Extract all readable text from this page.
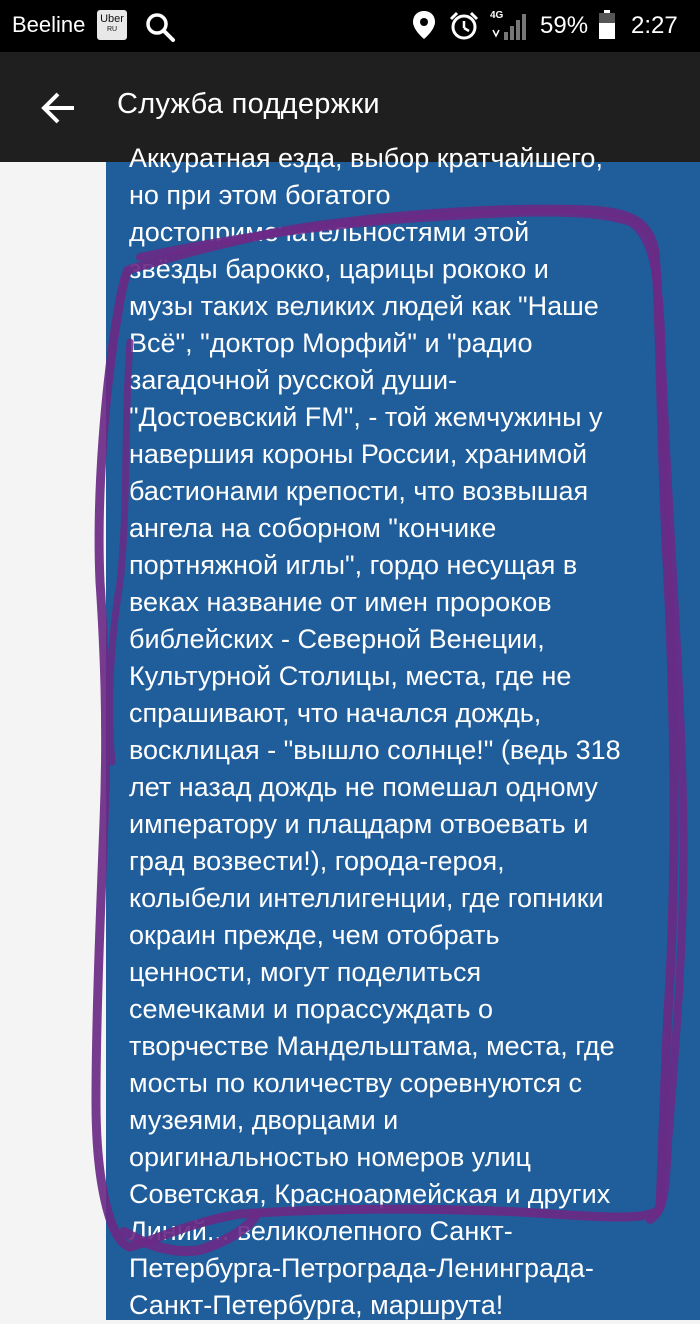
Beeline Uber
RU
4G 59% 2:27
Служба поддержки

Аккуратная езда, выбор кратчайшего,
но при этом богатого
достопримечательностями этой
звёзды барокко, царицы рококо и
музы таких великих людей как "Наше
Всё", "доктор Морфий" и "радио
загадочной русской души-
"Достоевский FM", - той жемчужины у
навершия короны России, хранимой
бастионами крепости, что возвышая
ангела на соборном "кончике
портняжной иглы", гордо несущая в
веках название от имен пророков
библейских - Северной Венеции,
Культурной Столицы, места, где не
спрашивают, что начался дождь,
восклицая - "вышло солнце!" (ведь 318
лет назад дождь не помешал одному
императору и плацдарм отвоевать и
град возвести!), города-героя,
колыбели интеллигенции, где гопники
окраин прежде, чем отобрать
ценности, могут поделиться
семечками и порассуждать о
творчестве Мандельштама, места, где
мосты по количеству соревнуются с
музеями, дворцами и
оригинальностью номеров улиц
Советская, Красноармейская и других
Линий... великолепного Санкт-
Петербурга-Петрограда-Ленинграда-
Санкт-Петербурга, маршрута!
